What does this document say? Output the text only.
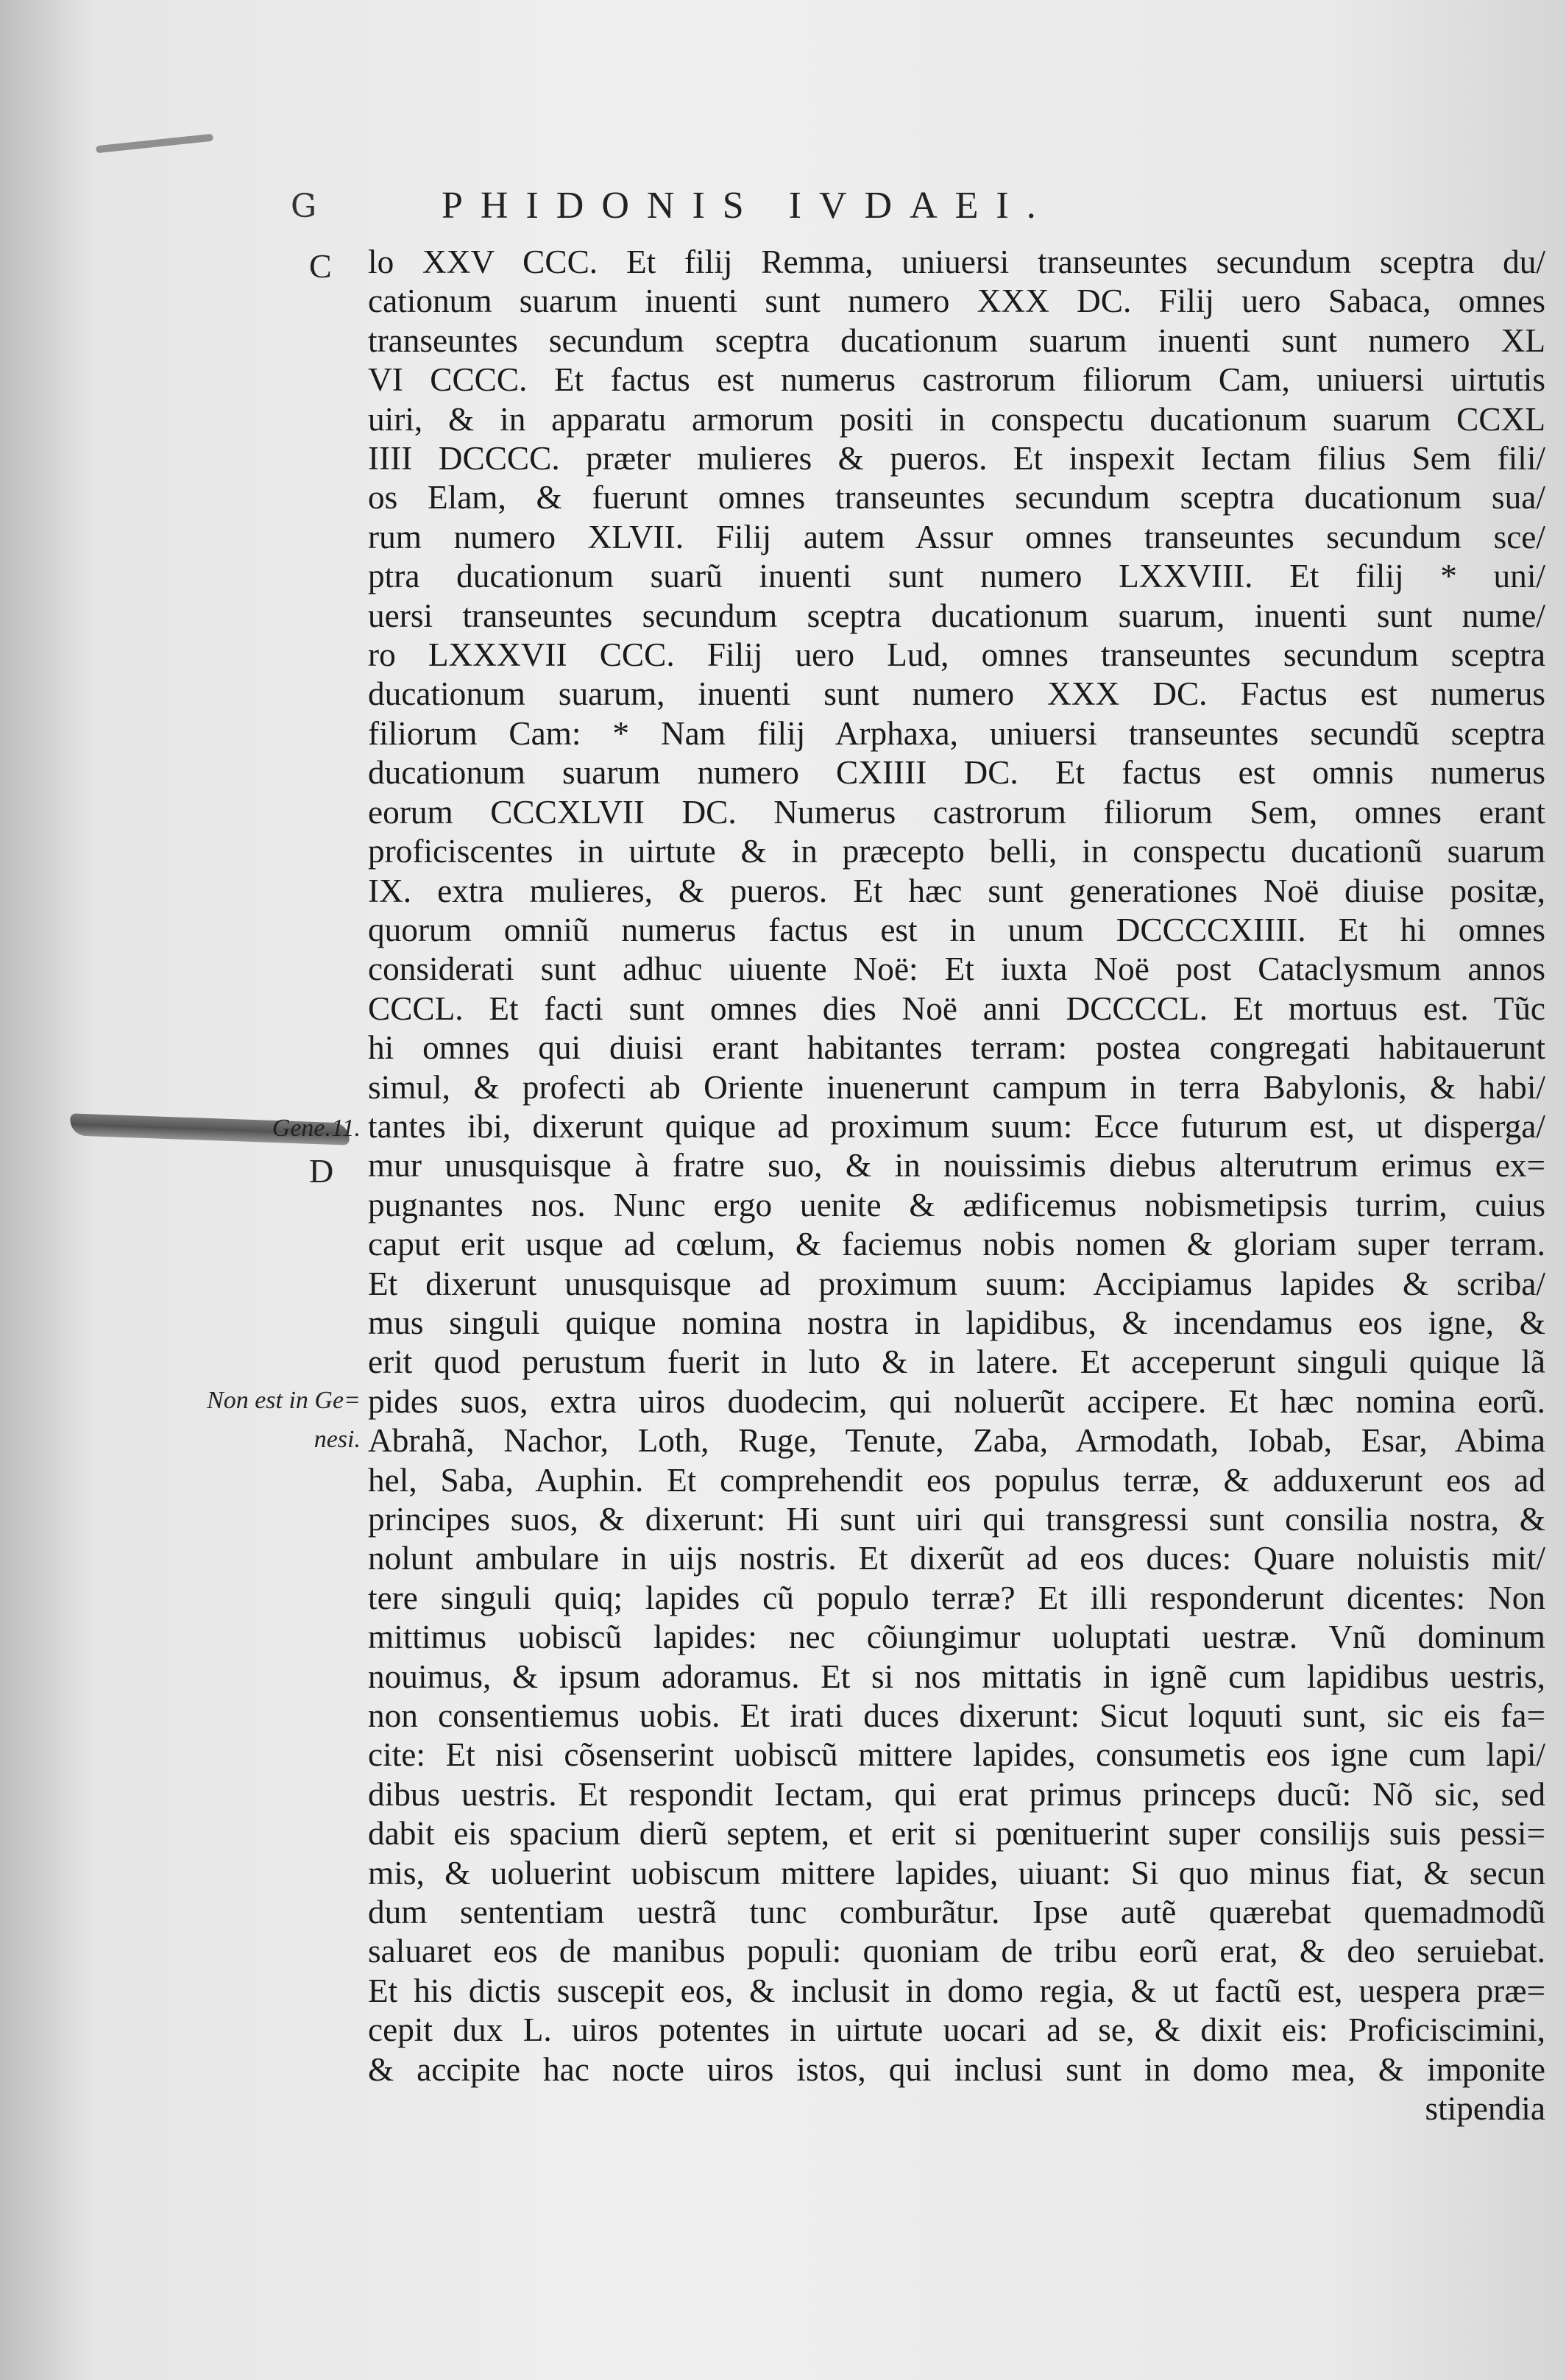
G	PHIDONIS IVDAEI.
C
D
Gene.11.
Non est in Ge=
nesi.
lo XXV CCC. Et filij Remma, uniuersi transeuntes secundum sceptra du/
cationum suarum inuenti sunt numero XXX DC. Filij uero Sabaca, omnes
transeuntes secundum sceptra ducationum suarum inuenti sunt numero XL
VI CCCC. Et factus est numerus castrorum filiorum Cam, uniuersi uirtutis
uiri, & in apparatu armorum positi in conspectu ducationum suarum CCXL
IIII DCCCC. præter mulieres & pueros. Et inspexit Iectam filius Sem fili/
os Elam, & fuerunt omnes transeuntes secundum sceptra ducationum sua/
rum numero XLVII. Filij autem Assur omnes transeuntes secundum sce/
ptra ducationum suarũ inuenti sunt numero LXXVIII. Et filij * uni/
uersi transeuntes secundum sceptra ducationum suarum, inuenti sunt nume/
ro LXXXVII CCC. Filij uero Lud, omnes transeuntes secundum sceptra
ducationum suarum, inuenti sunt numero XXX DC. Factus est numerus
filiorum Cam: * Nam filij Arphaxa, uniuersi transeuntes secundũ sceptra
ducationum suarum numero CXIIII DC. Et factus est omnis numerus
eorum CCCXLVII DC. Numerus castrorum filiorum Sem, omnes erant
proficiscentes in uirtute & in præcepto belli, in conspectu ducationũ suarum
IX. extra mulieres, & pueros. Et hæc sunt generationes Noë diuise positæ,
quorum omniũ numerus factus est in unum DCCCCXIIII. Et hi omnes
considerati sunt adhuc uiuente Noë: Et iuxta Noë post Cataclysmum annos
CCCL. Et facti sunt omnes dies Noë anni DCCCCL. Et mortuus est. Tũc
hi omnes qui diuisi erant habitantes terram: postea congregati habitauerunt
simul, & profecti ab Oriente inuenerunt campum in terra Babylonis, & habi/
tantes ibi, dixerunt quique ad proximum suum: Ecce futurum est, ut disperga/
mur unusquisque à fratre suo, & in nouissimis diebus alterutrum erimus ex=
pugnantes nos. Nunc ergo uenite & ædificemus nobismetipsis turrim, cuius
caput erit usque ad cœlum, & faciemus nobis nomen & gloriam super terram.
Et dixerunt unusquisque ad proximum suum: Accipiamus lapides & scriba/
mus singuli quique nomina nostra in lapidibus, & incendamus eos igne, &
erit quod perustum fuerit in luto & in latere. Et acceperunt singuli quique lã
pides suos, extra uiros duodecim, qui noluerũt accipere. Et hæc nomina eorũ.
Abrahã, Nachor, Loth, Ruge, Tenute, Zaba, Armodath, Iobab, Esar, Abima
hel, Saba, Auphin. Et comprehendit eos populus terræ, & adduxerunt eos ad
principes suos, & dixerunt: Hi sunt uiri qui transgressi sunt consilia nostra, &
nolunt ambulare in uijs nostris. Et dixerũt ad eos duces: Quare noluistis mit/
tere singuli quiq; lapides cũ populo terræ? Et illi responderunt dicentes: Non
mittimus uobiscũ lapides: nec cõiungimur uoluptati uestræ. Vnũ dominum
nouimus, & ipsum adoramus. Et si nos mittatis in ignẽ cum lapidibus uestris,
non consentiemus uobis. Et irati duces dixerunt: Sicut loquuti sunt, sic eis fa=
cite: Et nisi cõsenserint uobiscũ mittere lapides, consumetis eos igne cum lapi/
dibus uestris. Et respondit Iectam, qui erat primus princeps ducũ: Nõ sic, sed
dabit eis spacium dierũ septem, et erit si pœnituerint super consilijs suis pessi=
mis, & uoluerint uobiscum mittere lapides, uiuant: Si quo minus fiat, & secun
dum sententiam uestrã tunc comburãtur. Ipse autẽ quærebat quemadmodũ
saluaret eos de manibus populi: quoniam de tribu eorũ erat, & deo seruiebat.
Et his dictis suscepit eos, & inclusit in domo regia, & ut factũ est, uespera præ=
cepit dux L. uiros potentes in uirtute uocari ad se, & dixit eis: Proficiscimini,
& accipite hac nocte uiros istos, qui inclusi sunt in domo mea, & imponite
stipendia
